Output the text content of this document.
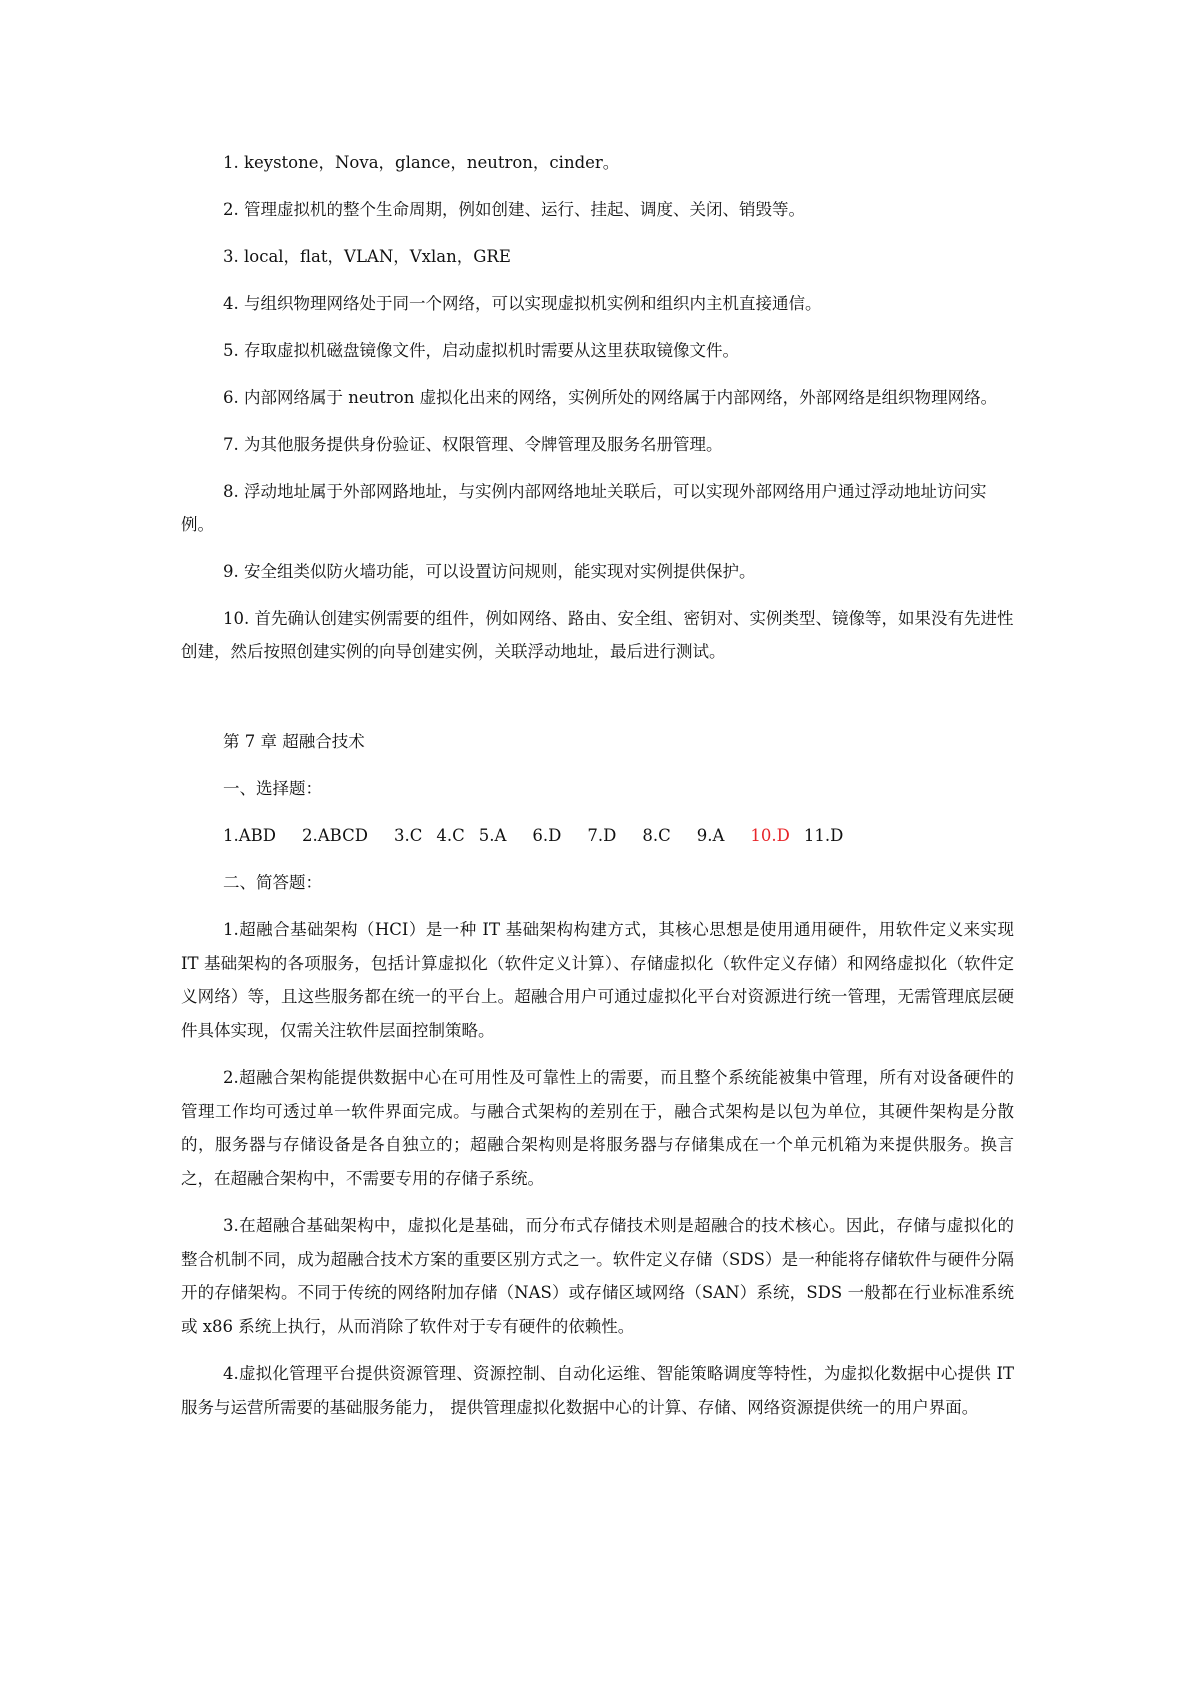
1. keystone，Nova，glance，neutron，cinder。

2. 管理虚拟机的整个生命周期，例如创建、运行、挂起、调度、关闭、销毁等。

3. local，flat，VLAN，Vxlan，GRE

4. 与组织物理网络处于同一个网络，可以实现虚拟机实例和组织内主机直接通信。

5. 存取虚拟机磁盘镜像文件，启动虚拟机时需要从这里获取镜像文件。

6. 内部网络属于 neutron 虚拟化出来的网络，实例所处的网络属于内部网络，外部网络是组织物理网络。

7. 为其他服务提供身份验证、权限管理、令牌管理及服务名册管理。

8. 浮动地址属于外部网路地址，与实例内部网络地址关联后，可以实现外部网络用户通过浮动地址访问实例。

9. 安全组类似防火墙功能，可以设置访问规则，能实现对实例提供保护。

10. 首先确认创建实例需要的组件，例如网络、路由、安全组、密钥对、实例类型、镜像等，如果没有先进性创建，然后按照创建实例的向导创建实例，关联浮动地址，最后进行测试。

第 7 章 超融合技术

一、选择题：

1.ABD 2.ABCD 3.C 4.C 5.A 6.D 7.D 8.C 9.A 10.D 11.D

二、简答题：

1.超融合基础架构（HCI）是一种 IT 基础架构构建方式，其核心思想是使用通用硬件，用软件定义来实现 IT 基础架构的各项服务，包括计算虚拟化（软件定义计算）、存储虚拟化（软件定义存储）和网络虚拟化（软件定义网络）等，且这些服务都在统一的平台上。超融合用户可通过虚拟化平台对资源进行统一管理，无需管理底层硬件具体实现，仅需关注软件层面控制策略。

2.超融合架构能提供数据中心在可用性及可靠性上的需要，而且整个系统能被集中管理，所有对设备硬件的管理工作均可透过单一软件界面完成。与融合式架构的差别在于，融合式架构是以包为单位，其硬件架构是分散的，服务器与存储设备是各自独立的；超融合架构则是将服务器与存储集成在一个单元机箱为来提供服务。换言之，在超融合架构中，不需要专用的存储子系统。

3.在超融合基础架构中，虚拟化是基础，而分布式存储技术则是超融合的技术核心。因此，存储与虚拟化的整合机制不同，成为超融合技术方案的重要区别方式之一。软件定义存储（SDS）是一种能将存储软件与硬件分隔开的存储架构。不同于传统的网络附加存储（NAS）或存储区域网络（SAN）系统，SDS 一般都在行业标准系统或 x86 系统上执行，从而消除了软件对于专有硬件的依赖性。

4.虚拟化管理平台提供资源管理、资源控制、自动化运维、智能策略调度等特性，为虚拟化数据中心提供 IT 服务与运营所需要的基础服务能力， 提供管理虚拟化数据中心的计算、存储、网络资源提供统一的用户界面。
